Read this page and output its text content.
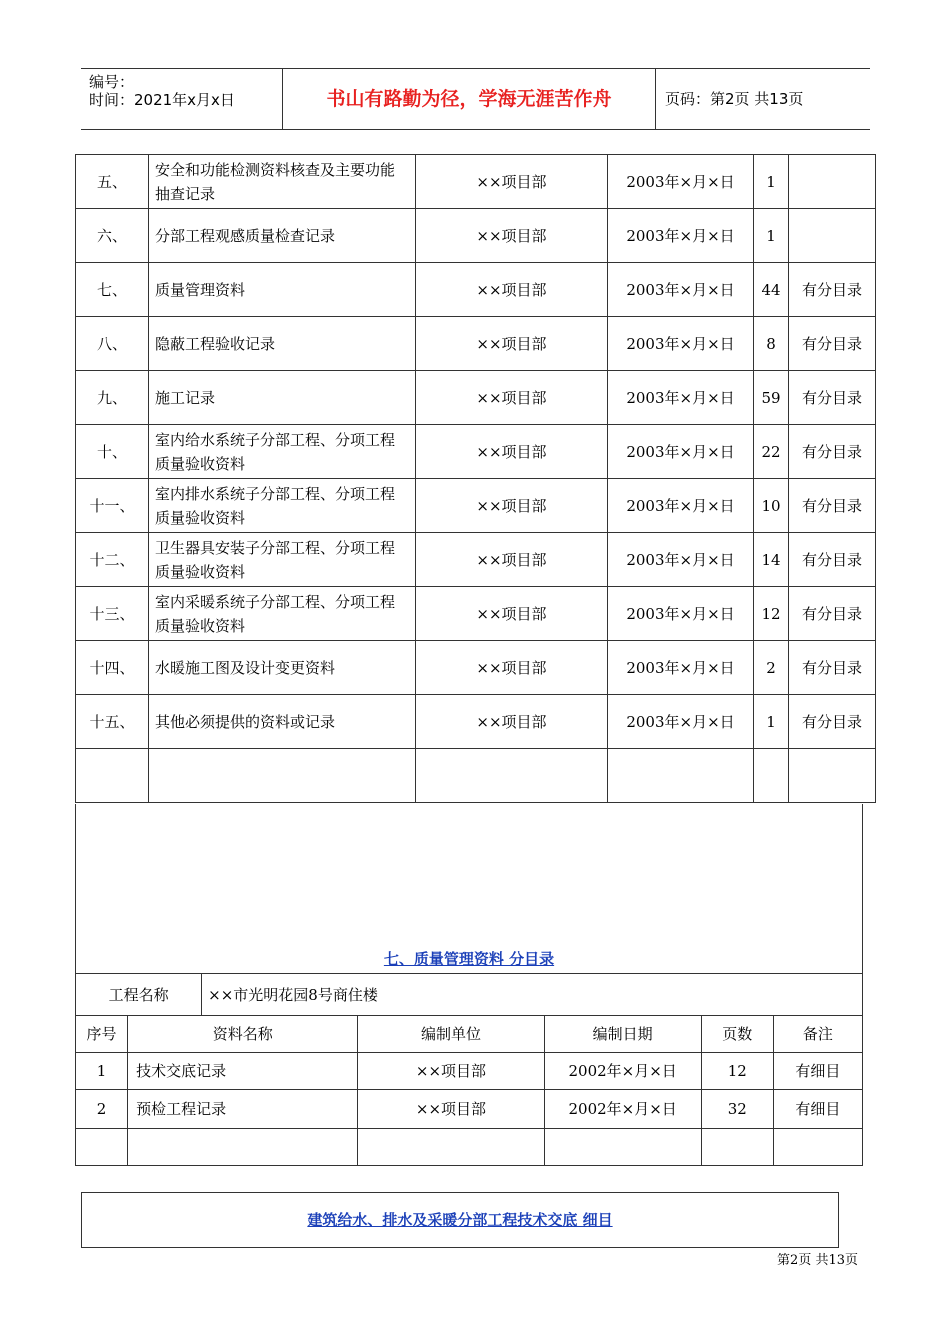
编号：
时间：2021年x月x日	书山有路勤为径，学海无涯苦作舟	页码：第2页 共13页
五、	安全和功能检测资料核查及主要功能抽查记录	××项目部	2003年×月×日	1	
六、	分部工程观感质量检查记录	××项目部	2003年×月×日	1	
七、	质量管理资料	××项目部	2003年×月×日	44	有分目录
八、	隐蔽工程验收记录	××项目部	2003年×月×日	8	有分目录
九、	施工记录	××项目部	2003年×月×日	59	有分目录
十、	室内给水系统子分部工程、分项工程质量验收资料	××项目部	2003年×月×日	22	有分目录
十一、	室内排水系统子分部工程、分项工程质量验收资料	××项目部	2003年×月×日	10	有分目录
十二、	卫生器具安装子分部工程、分项工程质量验收资料	××项目部	2003年×月×日	14	有分目录
十三、	室内采暖系统子分部工程、分项工程质量验收资料	××项目部	2003年×月×日	12	有分目录
十四、	水暖施工图及设计变更资料	××项目部	2003年×月×日	2	有分目录
十五、	其他必须提供的资料或记录	××项目部	2003年×月×日	1	有分目录

七、质量管理资料 分目录
工程名称		××市光明花园8号商住楼				
序号	资料名称		编制单位	编制日期	页数	备注
1	技术交底记录		××项目部	2002年×月×日	12	有细目
2	预检工程记录		××项目部	2002年×月×日	32	有细目

建筑给水、排水及采暖分部工程技术交底 细目
第2页 共13页
